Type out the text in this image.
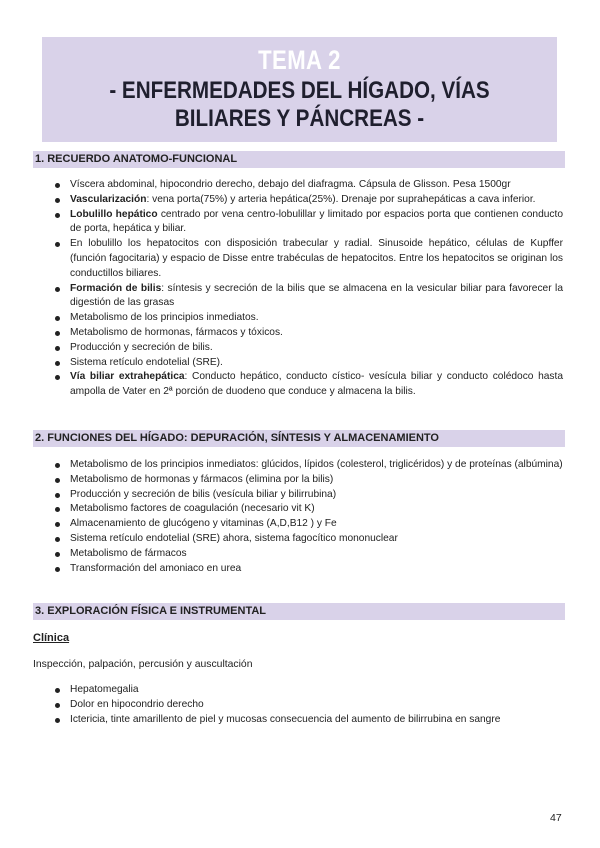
TEMA 2
- ENFERMEDADES DEL HÍGADO, VÍAS BILIARES Y PÁNCREAS -
1. RECUERDO ANATOMO-FUNCIONAL
Víscera abdominal, hipocondrio derecho, debajo del diafragma. Cápsula de Glisson. Pesa 1500gr
Vascularización: vena porta(75%) y arteria hepática(25%). Drenaje por suprahepáticas a cava inferior.
Lobulillo hepático centrado por vena centro-lobulillar y limitado por espacios porta que contienen conducto de porta, hepática y biliar.
En lobulillo los hepatocitos con disposición trabecular y radial. Sinusoide hepático, células de Kupffer (función fagocitaria) y espacio de Disse entre trabéculas de hepatocitos. Entre los hepatocitos se originan los conductillos biliares.
Formación de bilis: síntesis y secreción de la bilis que se almacena en la vesicular biliar para favorecer la digestión de las grasas
Metabolismo de los principios inmediatos.
Metabolismo de hormonas, fármacos y tóxicos.
Producción y secreción de bilis.
Sistema retículo endotelial (SRE).
Vía biliar extrahepática: Conducto hepático, conducto cístico- vesícula biliar y conducto colédoco hasta ampolla de Vater en 2ª porción de duodeno que conduce y almacena la bilis.
2. FUNCIONES DEL HÍGADO: DEPURACIÓN, SÍNTESIS Y ALMACENAMIENTO
Metabolismo de los principios inmediatos: glúcidos, lípidos (colesterol, triglicéridos) y de proteínas (albúmina)
Metabolismo de hormonas y fármacos (elimina por la bilis)
Producción y secreción de bilis (vesícula biliar y bilirrubina)
Metabolismo factores de coagulación (necesario vit K)
Almacenamiento de glucógeno y vitaminas (A,D,B12 ) y Fe
Sistema retículo endotelial (SRE) ahora, sistema fagocítico mononuclear
Metabolismo de fármacos
Transformación del amoniaco en urea
3. EXPLORACIÓN FÍSICA E INSTRUMENTAL
Clínica
Inspección, palpación, percusión y auscultación
Hepatomegalia
Dolor en hipocondrio derecho
Ictericia, tinte amarillento de piel y mucosas consecuencia del aumento de bilirrubina en sangre
47
